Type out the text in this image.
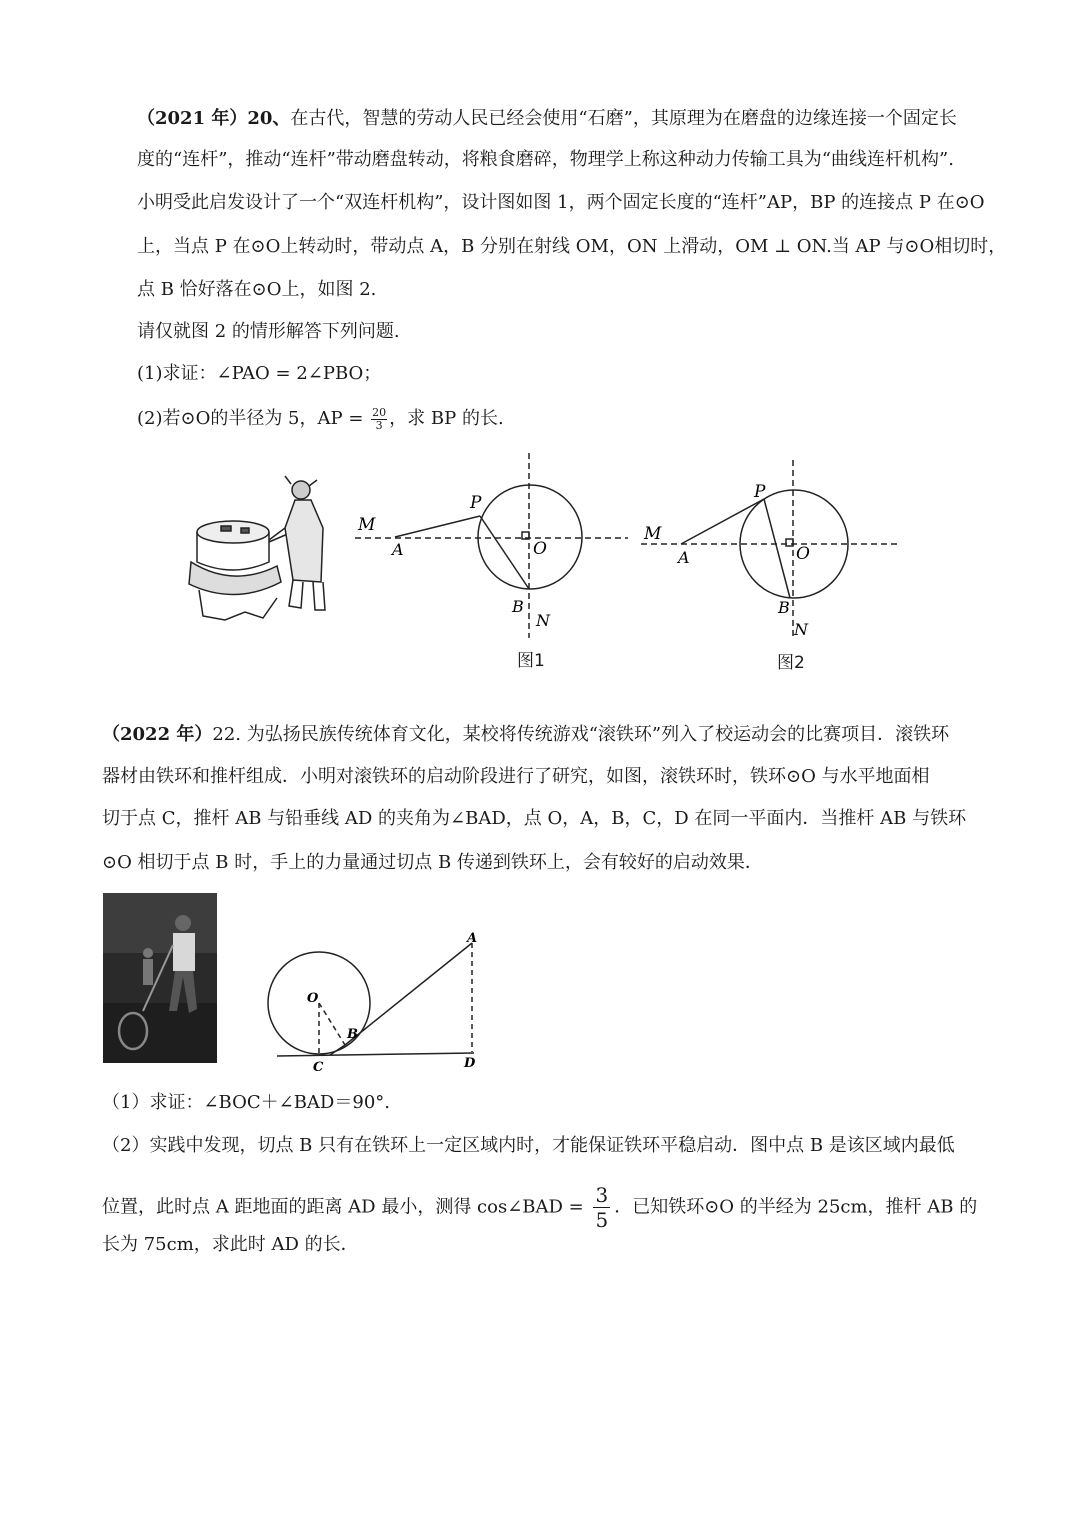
（2021 年）20、在古代，智慧的劳动人民已经会使用“石磨”，其原理为在磨盘的边缘连接一个固定长
度的“连杆”，推动“连杆”带动磨盘转动，将粮食磨碎，物理学上称这种动力传输工具为“曲线连杆机构”.
小明受此启发设计了一个“双连杆机构”，设计图如图 1，两个固定长度的“连杆”AP，BP 的连接点 P 在⊙O
上，当点 P 在⊙O上转动时，带动点 A，B 分别在射线 OM，ON 上滑动，OM ⊥ ON.当 AP 与⊙O相切时，
点 B 恰好落在⊙O上，如图 2.
请仅就图 2 的情形解答下列问题.
(1)求证：∠PAO = 2∠PBO；
(2)若⊙O的半径为 5，AP = $\frac{20}{3}$ ，求 BP 的长.
M
A
P
O
B
N
图1
M
A
P
O
B
N
图2
（2022 年）22. 为弘扬民族传统体育文化，某校将传统游戏“滚铁环”列入了校运动会的比赛项目．滚铁环
器材由铁环和推杆组成．小明对滚铁环的启动阶段进行了研究，如图，滚铁环时，铁环⊙O 与水平地面相
切于点 C，推杆 AB 与铅垂线 AD 的夹角为∠BAD，点 O，A，B，C，D 在同一平面内．当推杆 AB 与铁环
⊙O 相切于点 B 时，手上的力量通过切点 B 传递到铁环上，会有较好的启动效果．
A
O
B
C	D
（1）求证：∠BOC＋∠BAD＝90°.
（2）实践中发现，切点 B 只有在铁环上一定区域内时，才能保证铁环平稳启动．图中点 B 是该区域内最低
位置，此时点 A 距地面的距离 AD 最小，测得 cos∠BAD = $\frac{3}{5}$ ．已知铁环⊙O 的半经为 25cm，推杆 AB 的
长为 75cm，求此时 AD 的长．
